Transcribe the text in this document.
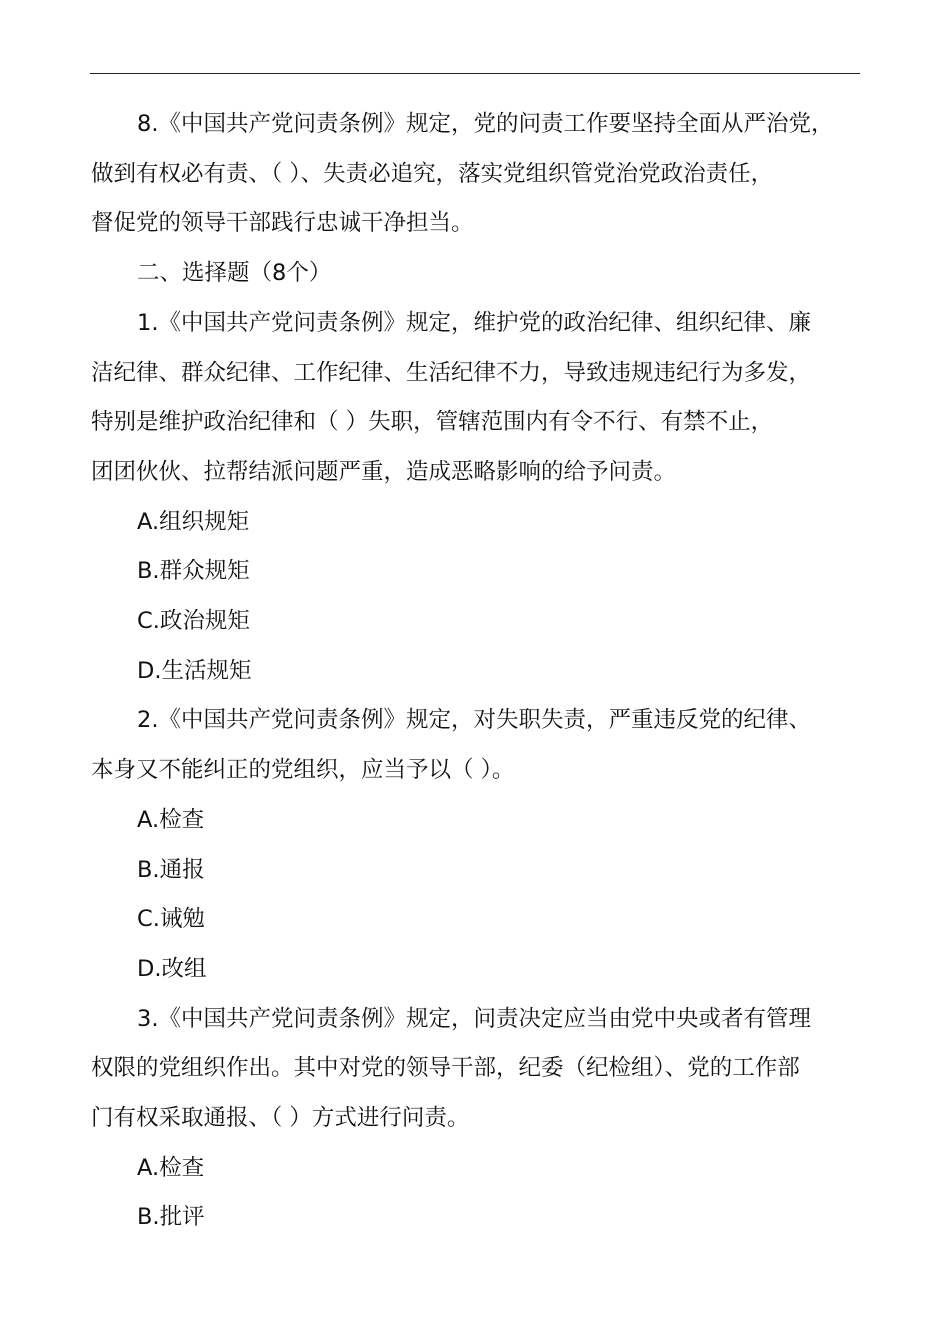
8.《中国共产党问责条例》规定，党的问责工作要坚持全面从严治党，
做到有权必有责、（ ）、失责必追究，落实党组织管党治党政治责任，
督促党的领导干部践行忠诚干净担当。

二、选择题（8个）

1.《中国共产党问责条例》规定，维护党的政治纪律、组织纪律、廉
洁纪律、群众纪律、工作纪律、生活纪律不力，导致违规违纪行为多发，
特别是维护政治纪律和（ ）失职，管辖范围内有令不行、有禁不止，
团团伙伙、拉帮结派问题严重，造成恶略影响的给予问责。

A.组织规矩

B.群众规矩

C.政治规矩

D.生活规矩

2.《中国共产党问责条例》规定，对失职失责，严重违反党的纪律、
本身又不能纠正的党组织，应当予以（ ）。

A.检查

B.通报

C.诫勉

D.改组

3.《中国共产党问责条例》规定，问责决定应当由党中央或者有管理
权限的党组织作出。其中对党的领导干部，纪委（纪检组）、党的工作部
门有权采取通报、（ ）方式进行问责。

A.检查

B.批评
